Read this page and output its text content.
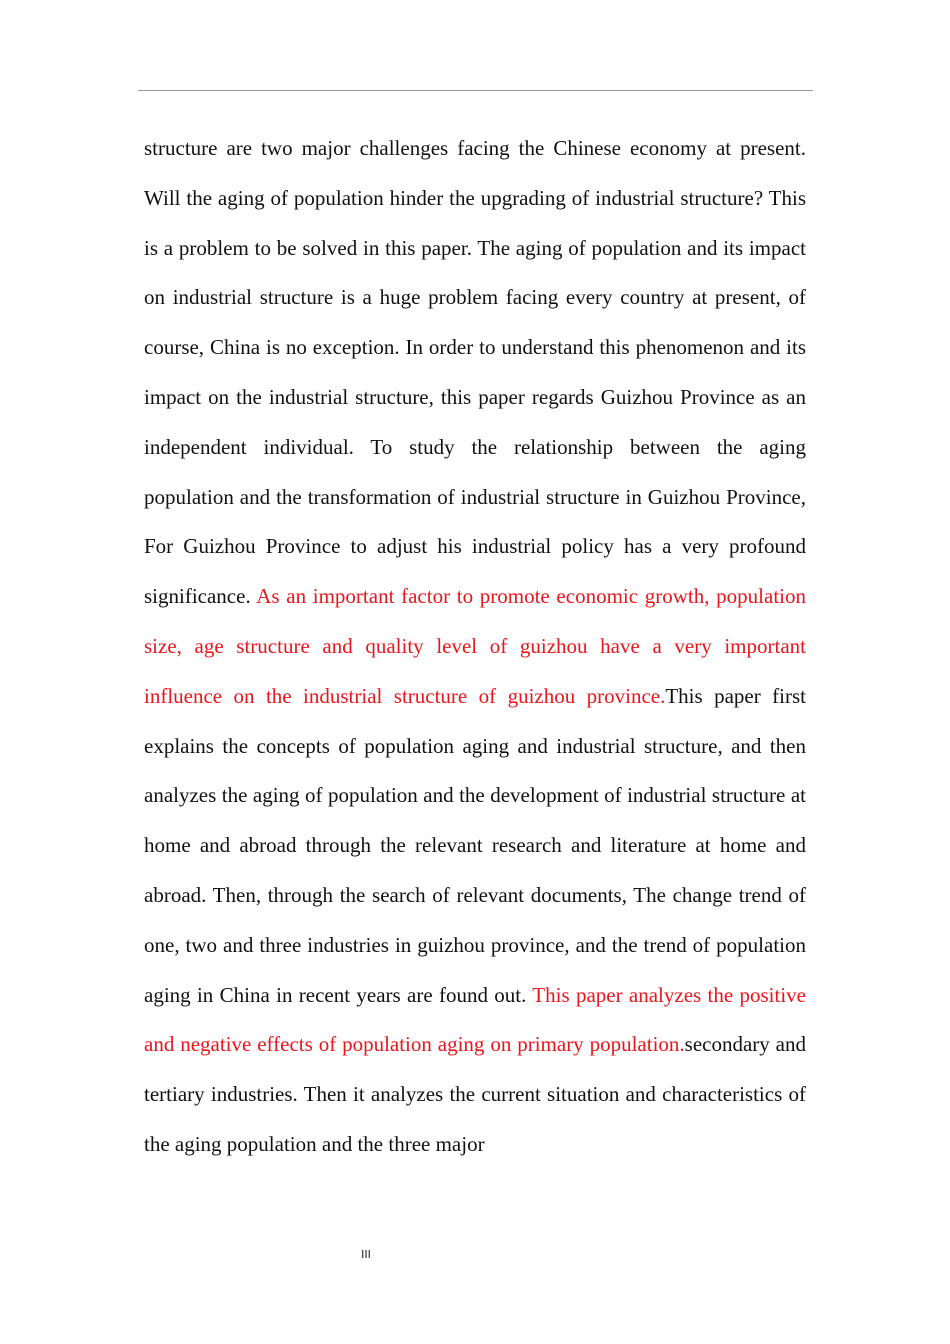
structure are two major challenges facing the Chinese economy at present. Will the aging of population hinder the upgrading of industrial structure? This is a problem to be solved in this paper. The aging of population and its impact on industrial structure is a huge problem facing every country at present, of course, China is no exception. In order to understand this phenomenon and its impact on the industrial structure, this paper regards Guizhou Province as an independent individual. To study the relationship between the aging population and the transformation of industrial structure in Guizhou Province, For Guizhou Province to adjust his industrial policy has a very profound significance. As an important factor to promote economic growth, population size, age structure and quality level of guizhou have a very important influence on the industrial structure of guizhou province.This paper first explains the concepts of population aging and industrial structure, and then analyzes the aging of population and the development of industrial structure at home and abroad through the relevant research and literature at home and abroad. Then, through the search of relevant documents, The change trend of one, two and three industries in guizhou province, and the trend of population aging in China in recent years are found out. This paper analyzes the positive and negative effects of population aging on primary population.secondary and tertiary industries. Then it analyzes the current situation and characteristics of the aging population and the three major

III
